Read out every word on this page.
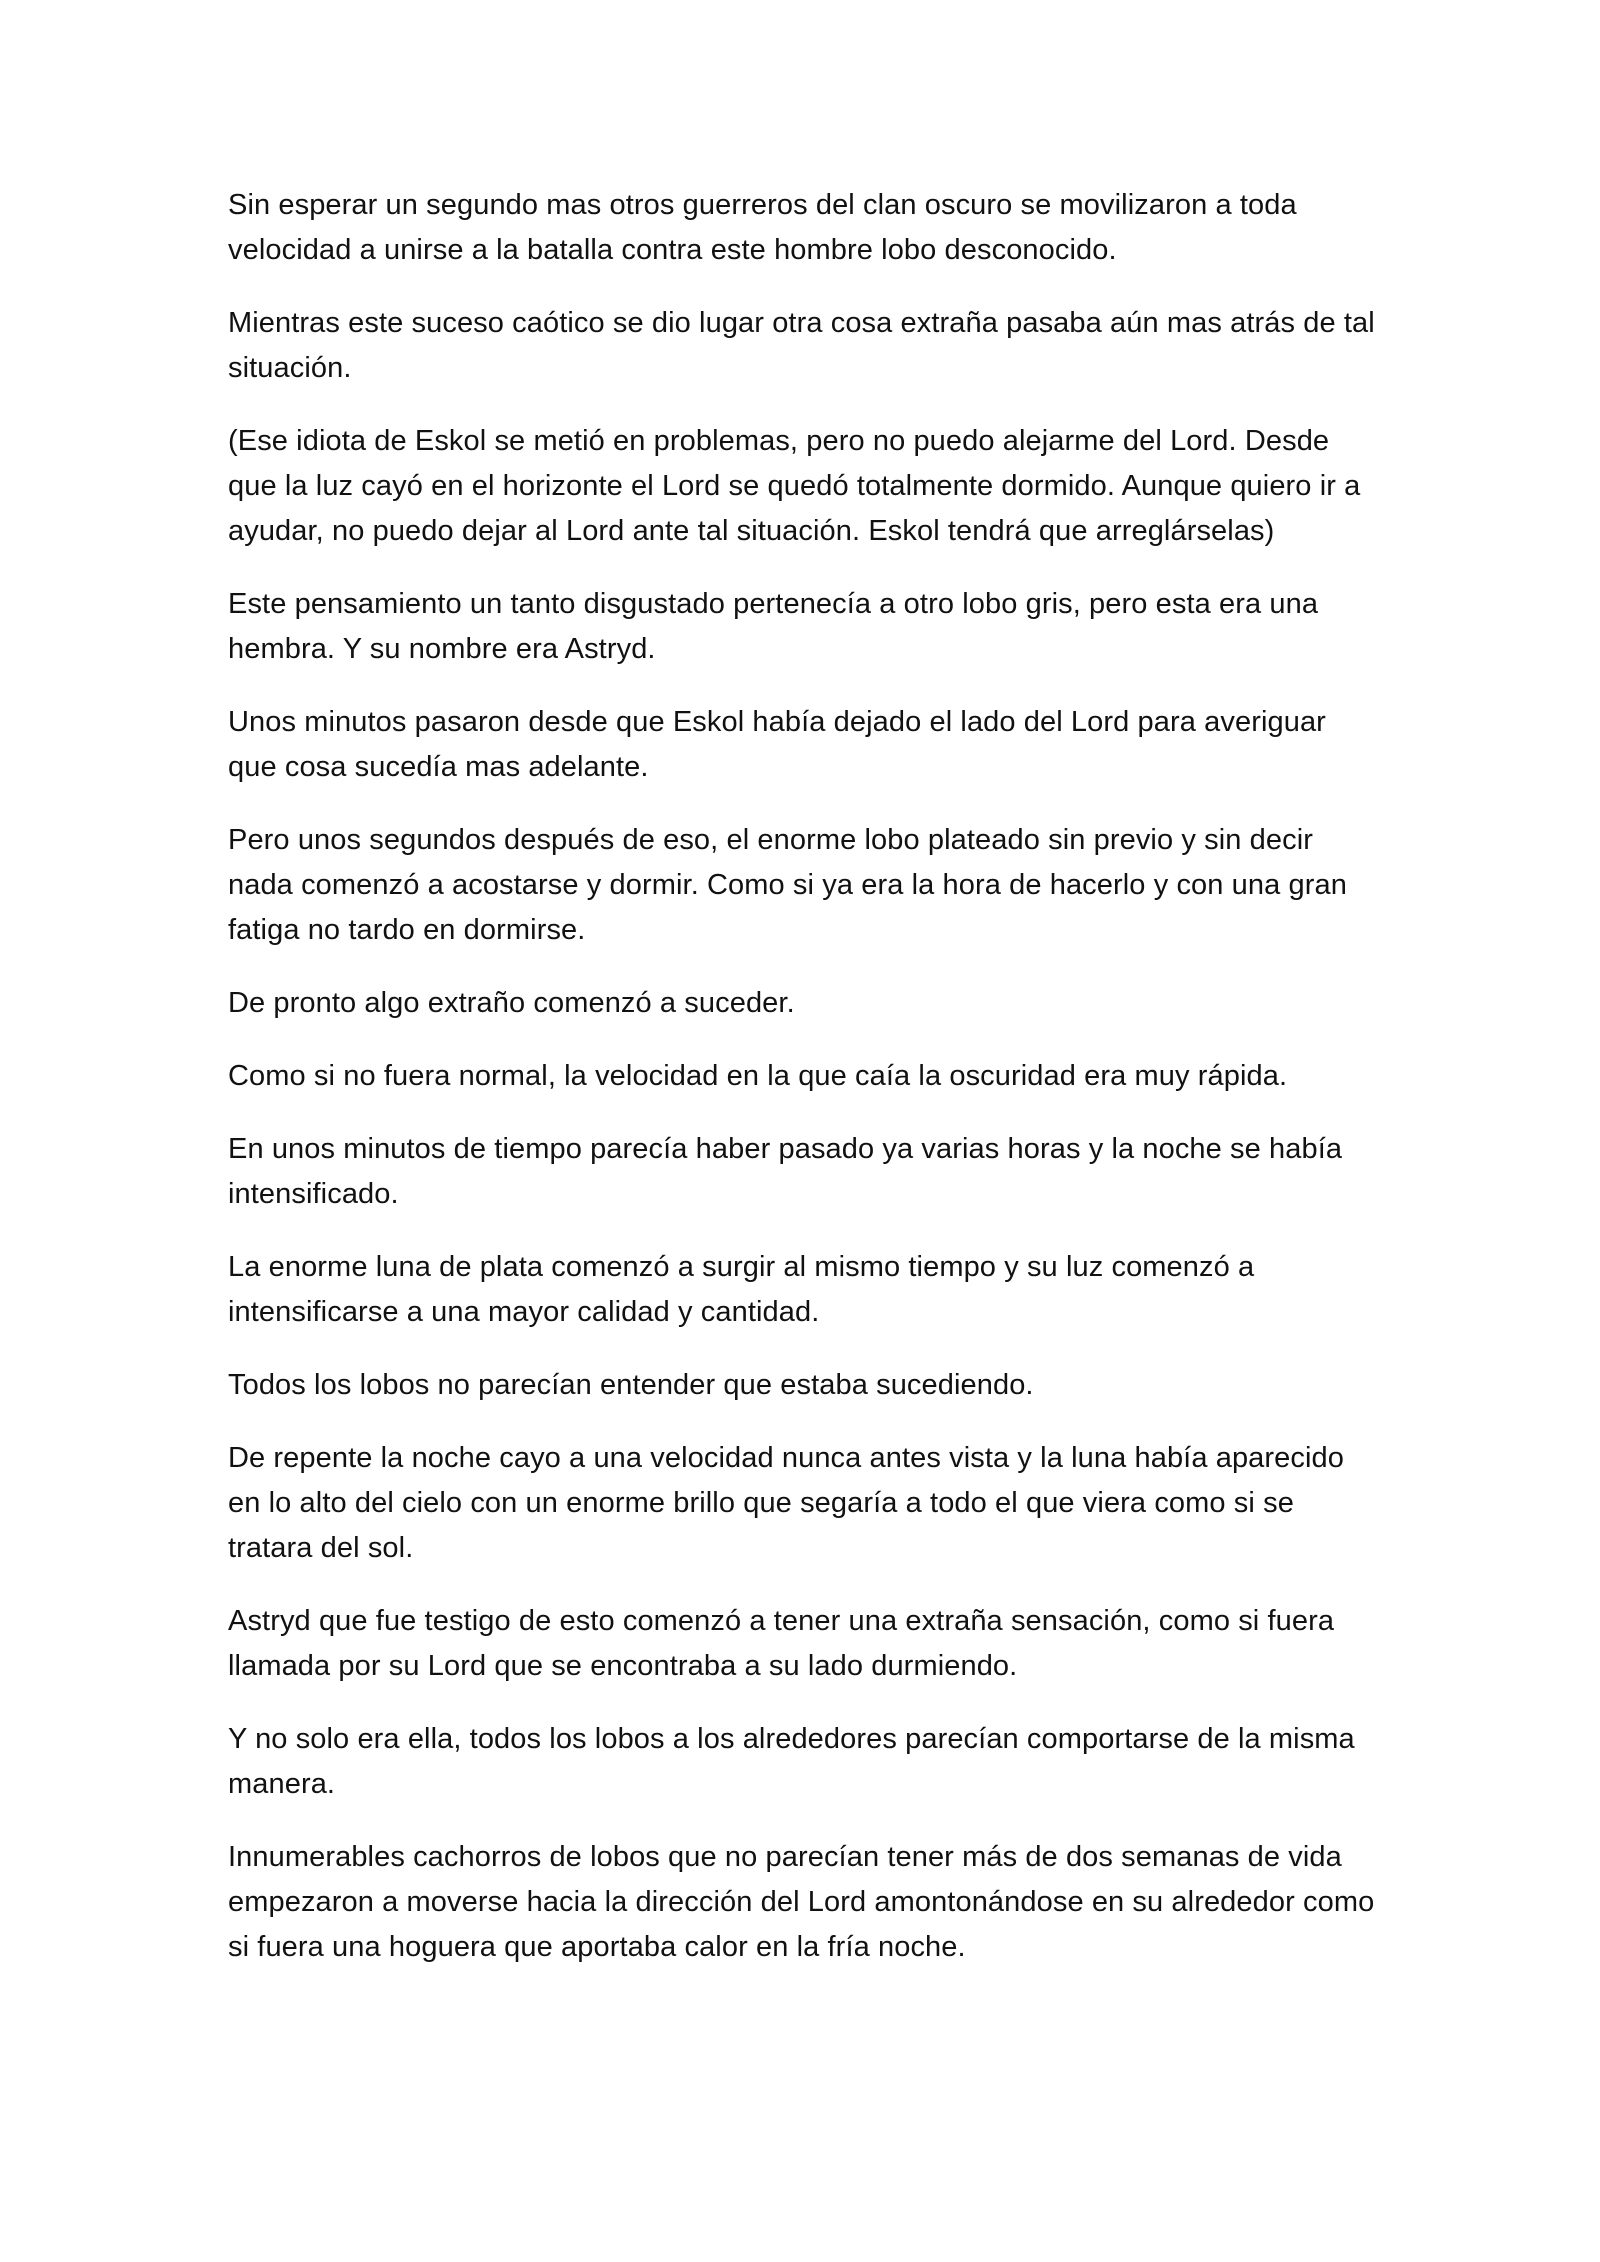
Sin esperar un segundo mas otros guerreros del clan oscuro se movilizaron a toda velocidad a unirse a la batalla contra este hombre lobo desconocido.

Mientras este suceso caótico se dio lugar otra cosa extraña pasaba aún mas atrás de tal situación.

(Ese idiota de Eskol se metió en problemas, pero no puedo alejarme del Lord. Desde que la luz cayó en el horizonte el Lord se quedó totalmente dormido. Aunque quiero ir a ayudar, no puedo dejar al Lord ante tal situación. Eskol tendrá que arreglárselas)

Este pensamiento un tanto disgustado pertenecía a otro lobo gris, pero esta era una hembra. Y su nombre era Astryd.

Unos minutos pasaron desde que Eskol había dejado el lado del Lord para averiguar que cosa sucedía mas adelante.

Pero unos segundos después de eso, el enorme lobo plateado sin previo y sin decir nada comenzó a acostarse y dormir. Como si ya era la hora de hacerlo y con una gran fatiga no tardo en dormirse.

De pronto algo extraño comenzó a suceder.

Como si no fuera normal, la velocidad en la que caía la oscuridad era muy rápida.

En unos minutos de tiempo parecía haber pasado ya varias horas y la noche se había intensificado.

La enorme luna de plata comenzó a surgir al mismo tiempo y su luz comenzó a intensificarse a una mayor calidad y cantidad.

Todos los lobos no parecían entender que estaba sucediendo.

De repente la noche cayo a una velocidad nunca antes vista y la luna había aparecido en lo alto del cielo con un enorme brillo que segaría a todo el que viera como si se tratara del sol.

Astryd que fue testigo de esto comenzó a tener una extraña sensación, como si fuera llamada por su Lord que se encontraba a su lado durmiendo.

Y no solo era ella, todos los lobos a los alrededores parecían comportarse de la misma manera.

Innumerables cachorros de lobos que no parecían tener más de dos semanas de vida empezaron a moverse hacia la dirección del Lord amontonándose en su alrededor como si fuera una hoguera que aportaba calor en la fría noche.
